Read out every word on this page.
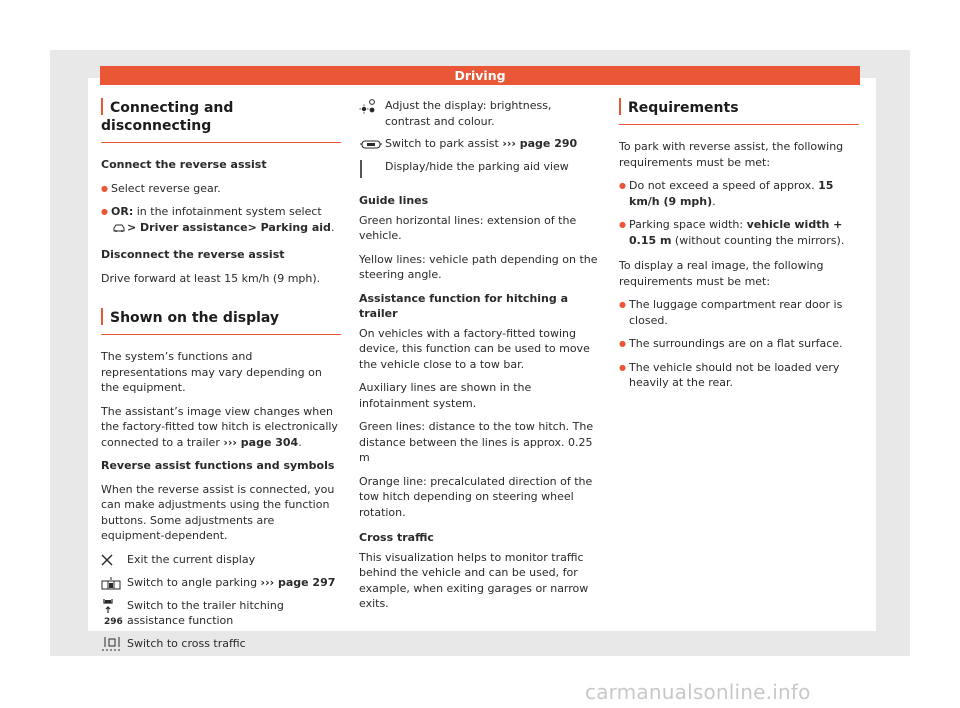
Driving
Connecting and disconnecting

Connect the reverse assist

● Select reverse gear.

● OR: in the infotainment system select > Driver assistance> Parking aid.

Disconnect the reverse assist

Drive forward at least 15 km/h (9 mph).

Shown on the display

The system’s functions and representations may vary depending on the equipment.

The assistant’s image view changes when the factory-fitted tow hitch is electronically connected to a trailer ››› page 304.

Reverse assist functions and symbols

When the reverse assist is connected, you can make adjustments using the function buttons. Some adjustments are equipment-dependent.

Exit the current display
Switch to angle parking ››› page 297
Switch to the trailer hitching assistance function
Switch to cross traffic
Adjust the display: brightness, contrast and colour.
Switch to park assist ››› page 290
Display/hide the parking aid view

Guide lines

Green horizontal lines: extension of the vehicle.

Yellow lines: vehicle path depending on the steering angle.

Assistance function for hitching a trailer

On vehicles with a factory-fitted towing device, this function can be used to move the vehicle close to a tow bar.

Auxiliary lines are shown in the infotainment system.

Green lines: distance to the tow hitch. The distance between the lines is approx. 0.25 m

Orange line: precalculated direction of the tow hitch depending on steering wheel rotation.

Cross traffic

This visualization helps to monitor traffic behind the vehicle and can be used, for example, when exiting garages or narrow exits.

Requirements

To park with reverse assist, the following requirements must be met:

● Do not exceed a speed of approx. 15 km/h (9 mph).

● Parking space width: vehicle width + 0.15 m (without counting the mirrors).

To display a real image, the following requirements must be met:

● The luggage compartment rear door is closed.

● The surroundings are on a flat surface.

● The vehicle should not be loaded very heavily at the rear.

296
carmanualsonline.info
